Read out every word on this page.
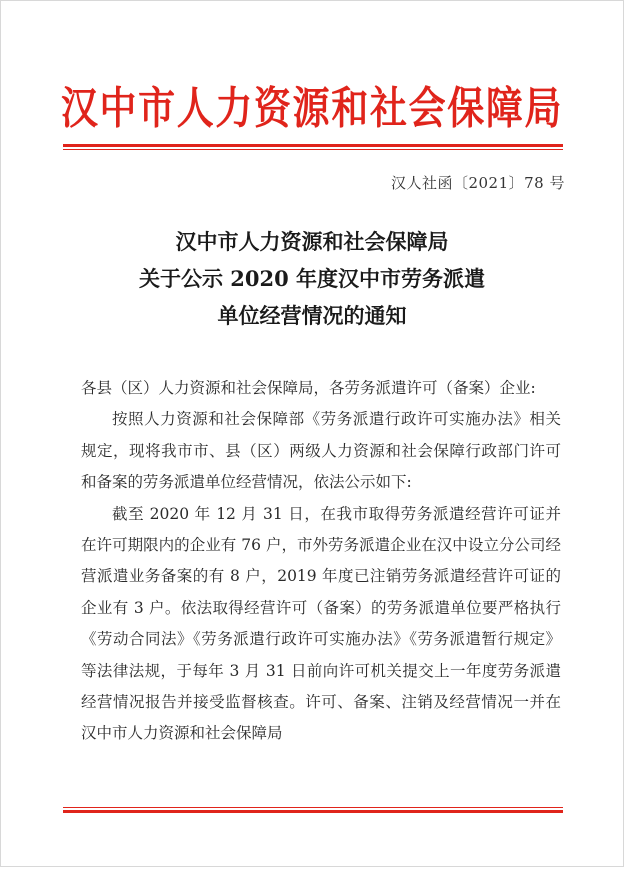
汉中市人力资源和社会保障局
汉人社函〔2021〕78 号
汉中市人力资源和社会保障局
关于公示 2020 年度汉中市劳务派遣
单位经营情况的通知

各县（区）人力资源和社会保障局，各劳务派遣许可（备案）企业:

按照人力资源和社会保障部《劳务派遣行政许可实施办法》相关规定，现将我市市、县（区）两级人力资源和社会保障行政部门许可和备案的劳务派遣单位经营情况，依法公示如下:

截至 2020 年 12 月 31 日，在我市取得劳务派遣经营许可证并在许可期限内的企业有 76 户，市外劳务派遣企业在汉中设立分公司经营派遣业务备案的有 8 户，2019 年度已注销劳务派遣经营许可证的企业有 3 户。依法取得经营许可（备案）的劳务派遣单位要严格执行《劳动合同法》《劳务派遣行政许可实施办法》《劳务派遣暂行规定》等法律法规，于每年 3 月 31 日前向许可机关提交上一年度劳务派遣经营情况报告并接受监督核查。许可、备案、注销及经营情况一并在汉中市人力资源和社会保障局
